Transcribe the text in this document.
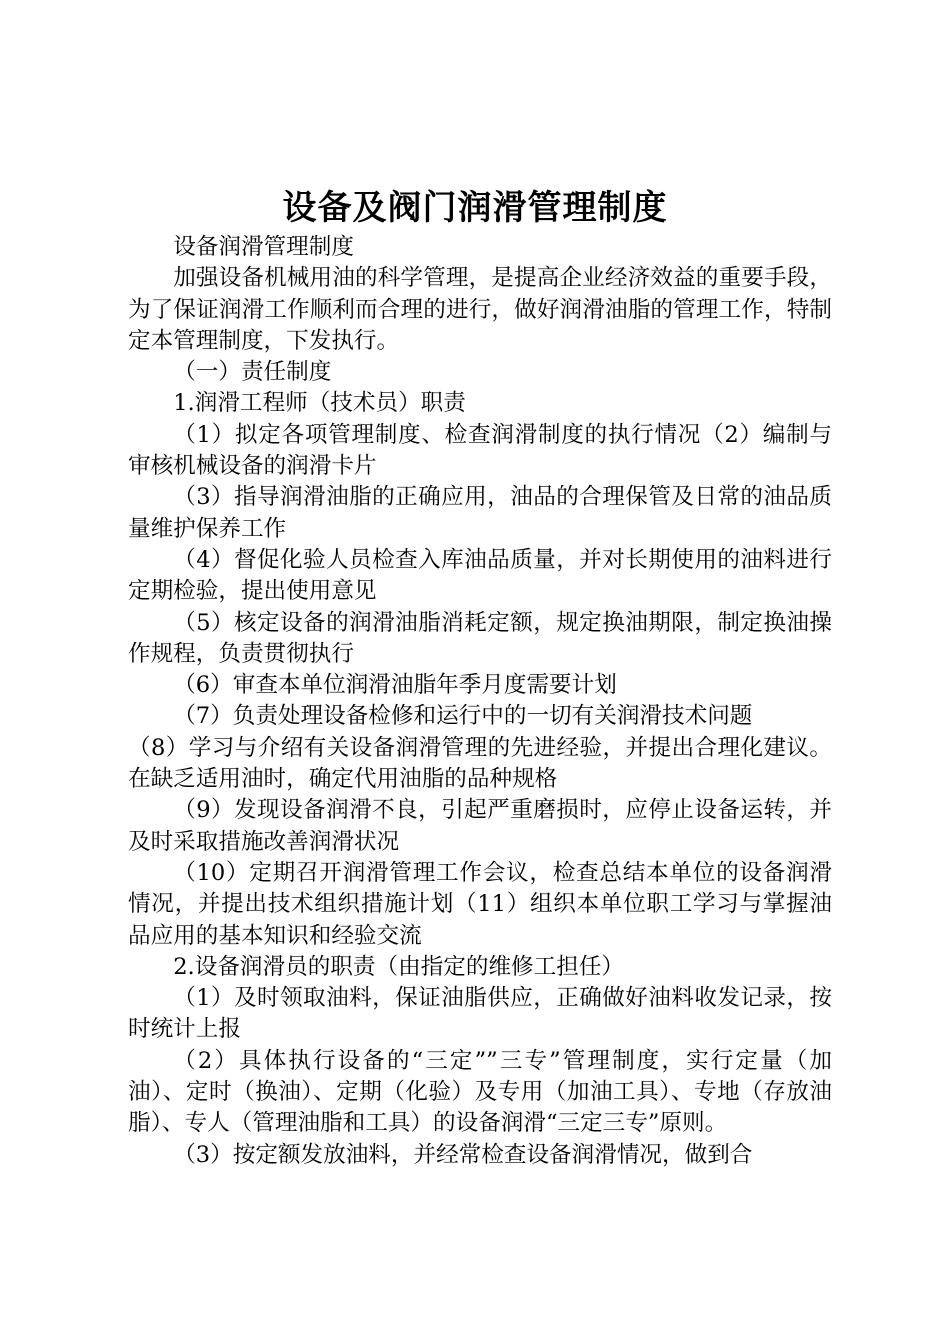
设备及阀门润滑管理制度

设备润滑管理制度

加强设备机械用油的科学管理，是提高企业经济效益的重要手段，为了保证润滑工作顺利而合理的进行，做好润滑油脂的管理工作，特制定本管理制度，下发执行。

（一）责任制度

1.润滑工程师（技术员）职责

（1）拟定各项管理制度、检查润滑制度的执行情况（2）编制与审核机械设备的润滑卡片

（3）指导润滑油脂的正确应用，油品的合理保管及日常的油品质量维护保养工作

（4）督促化验人员检查入库油品质量，并对长期使用的油料进行定期检验，提出使用意见

（5）核定设备的润滑油脂消耗定额，规定换油期限，制定换油操作规程，负责贯彻执行

（6）审查本单位润滑油脂年季月度需要计划

（7）负责处理设备检修和运行中的一切有关润滑技术问题

（8）学习与介绍有关设备润滑管理的先进经验，并提出合理化建议。在缺乏适用油时，确定代用油脂的品种规格

（9）发现设备润滑不良，引起严重磨损时，应停止设备运转，并及时采取措施改善润滑状况

（10）定期召开润滑管理工作会议，检查总结本单位的设备润滑情况，并提出技术组织措施计划（11）组织本单位职工学习与掌握油品应用的基本知识和经验交流

2.设备润滑员的职责（由指定的维修工担任）

（1）及时领取油料，保证油脂供应，正确做好油料收发记录，按时统计上报

（2）具体执行设备的“三定””三专”管理制度，实行定量（加油）、定时（换油）、定期（化验）及专用（加油工具）、专地（存放油脂）、专人（管理油脂和工具）的设备润滑“三定三专”原则。

（3）按定额发放油料，并经常检查设备润滑情况，做到合
